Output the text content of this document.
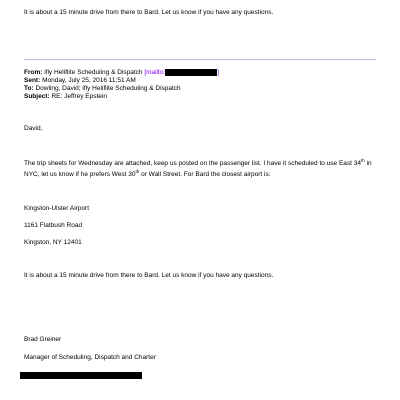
It is about a 15 minute drive from there to Bard. Let us know if you have any questions.
From: ifly Heliflite Scheduling & Dispatch [mailto:	]
Sent: Monday, July 25, 2016 11:51 AM
To: Dowling, David; ifly Heliflite Scheduling & Dispatch
Subject: RE: Jeffrey Epstein
David,
The trip sheets for Wednesday are attached, keep us posted on the passenger list. I have it scheduled to use East 34th in
NYC, let us know if he prefers West 30th or Wall Street. For Bard the closest airport is:
Kingston-Ulster Airport
1161 Flatbush Road
Kingston, NY 12401
It is about a 15 minute drive from there to Bard. Let us know if you have any questions.
Brad Greiner
Manager of Scheduling, Dispatch and Charter
